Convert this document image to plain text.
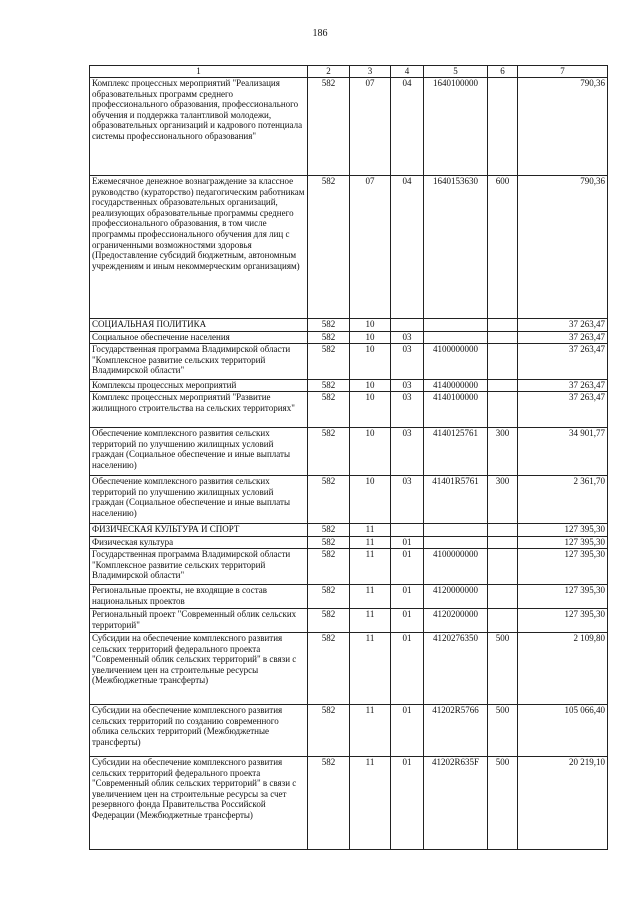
186
1	2	3	4	5	6	7
Комплекс процессных мероприятий "Реализация образовательных программ среднего профессионального образования, профессионального обучения и поддержка талантливой молодежи, образовательных организаций и кадрового потенциала системы профессионального образования"	582	07	04	1640100000		790,36
Ежемесячное денежное вознаграждение за классное руководство (кураторство) педагогическим работникам государственных образовательных организаций, реализующих образовательные программы среднего профессионального образования, в том числе программы профессионального обучения для лиц с ограниченными возможностями здоровья (Предоставление субсидий бюджетным, автономным учреждениям и иным некоммерческим организациям)	582	07	04	1640153630	600	790,36
СОЦИАЛЬНАЯ ПОЛИТИКА	582	10				37 263,47
Социальное обеспечение населения	582	10	03			37 263,47
Государственная программа Владимирской области "Комплексное развитие сельских территорий Владимирской области"	582	10	03	4100000000		37 263,47
Комплексы процессных мероприятий	582	10	03	4140000000		37 263,47
Комплекс процессных мероприятий "Развитие жилищного строительства на сельских территориях"	582	10	03	4140100000		37 263,47
Обеспечение комплексного развития сельских территорий по улучшению жилищных условий граждан (Социальное обеспечение и иные выплаты населению)	582	10	03	4140125761	300	34 901,77
Обеспечение комплексного развития сельских территорий по улучшению жилищных условий граждан (Социальное обеспечение и иные выплаты населению)	582	10	03	41401R5761	300	2 361,70
ФИЗИЧЕСКАЯ КУЛЬТУРА И СПОРТ	582	11				127 395,30
Физическая культура	582	11	01			127 395,30
Государственная программа Владимирской области "Комплексное развитие сельских территорий Владимирской области"	582	11	01	4100000000		127 395,30
Региональные проекты, не входящие в состав национальных проектов	582	11	01	4120000000		127 395,30
Региональный проект "Современный облик сельских территорий"	582	11	01	4120200000		127 395,30
Субсидии на обеспечение комплексного развития сельских территорий федерального проекта "Современный облик сельских территорий" в связи с увеличением цен на строительные ресурсы (Межбюджетные трансферты)	582	11	01	4120276350	500	2 109,80
Субсидии на обеспечение комплексного развития сельских территорий по созданию современного облика сельских территорий (Межбюджетные трансферты)	582	11	01	41202R5766	500	105 066,40
Субсидии на обеспечение комплексного развития сельских территорий федерального проекта "Современный облик сельских территорий" в связи с увеличением цен на строительные ресурсы за счет резервного фонда Правительства Российской Федерации (Межбюджетные трансферты)	582	11	01	41202R635F	500	20 219,10
